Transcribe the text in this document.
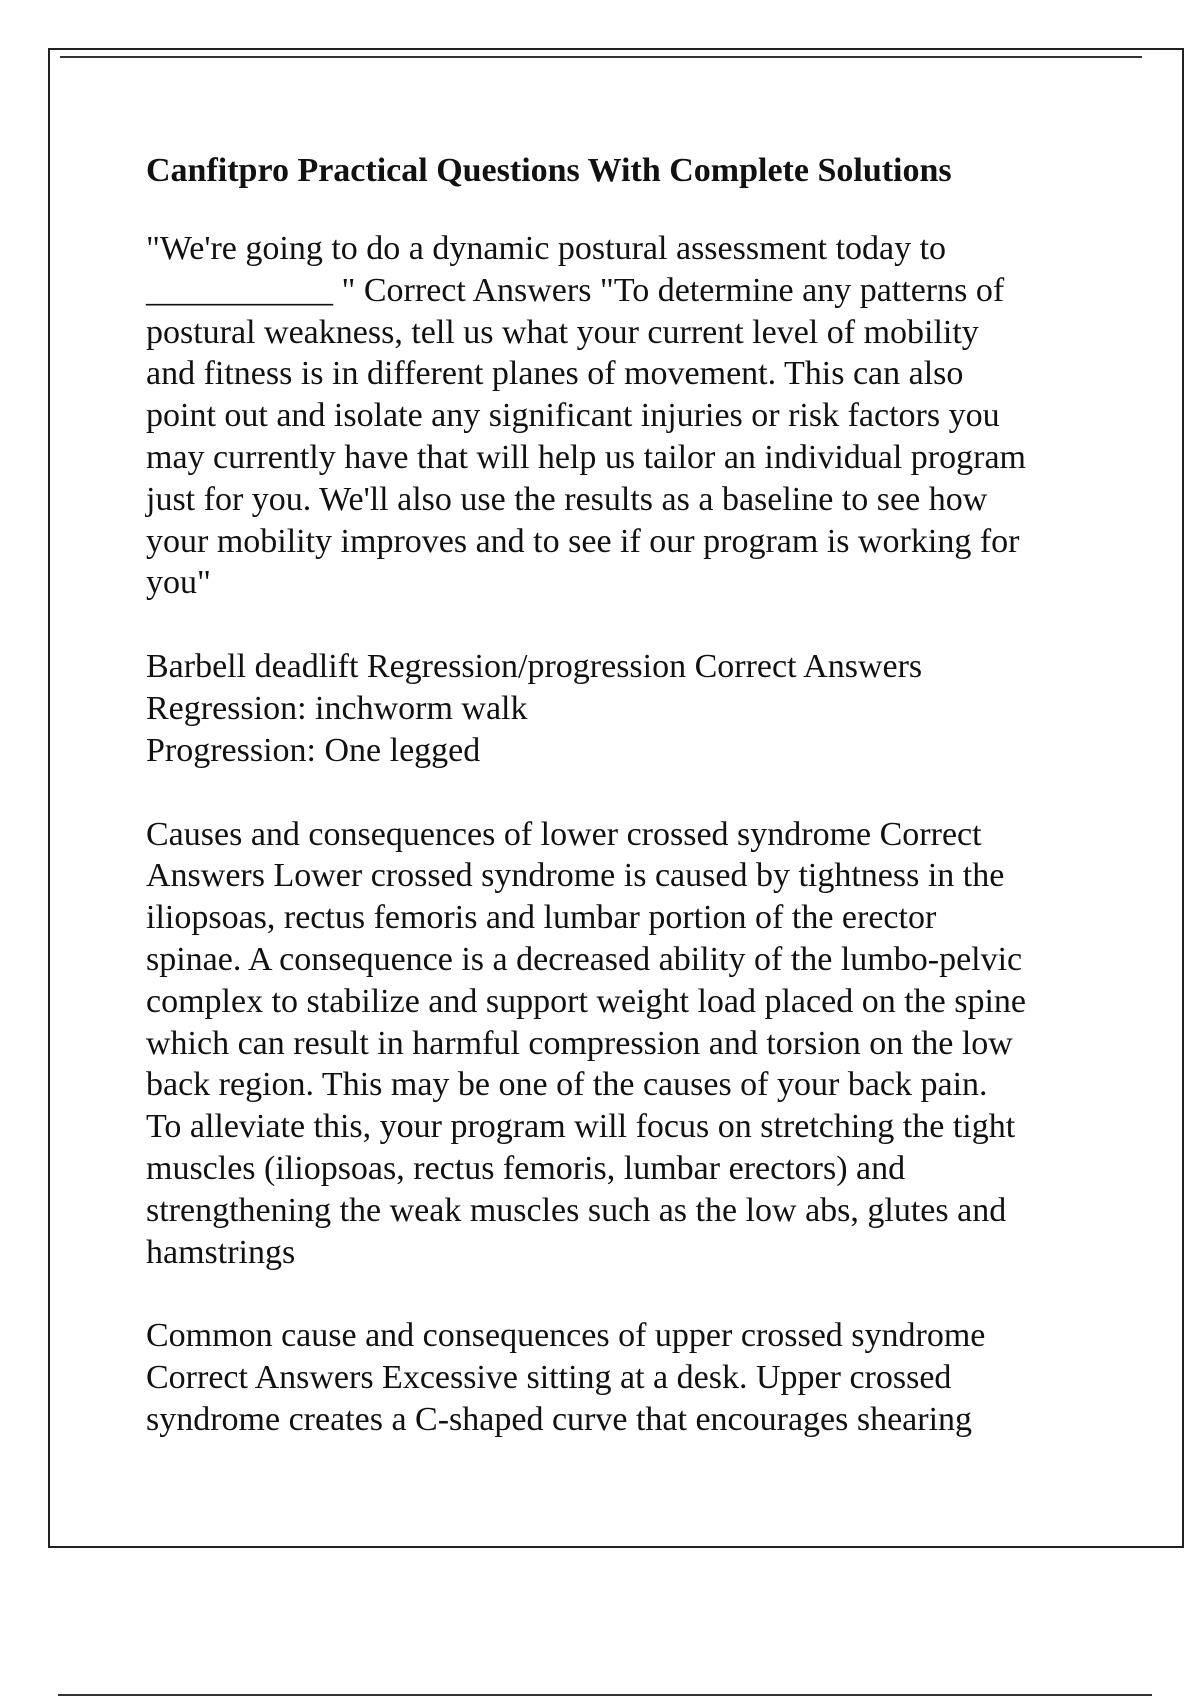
Canfitpro Practical Questions With Complete Solutions
"We're going to do a dynamic postural assessment today to
___________ " Correct Answers "To determine any patterns of
postural weakness, tell us what your current level of mobility
and fitness is in different planes of movement. This can also
point out and isolate any significant injuries or risk factors you
may currently have that will help us tailor an individual program
just for you. We'll also use the results as a baseline to see how
your mobility improves and to see if our program is working for
you"
Barbell deadlift Regression/progression Correct Answers
Regression: inchworm walk
Progression: One legged
Causes and consequences of lower crossed syndrome Correct
Answers Lower crossed syndrome is caused by tightness in the
iliopsoas, rectus femoris and lumbar portion of the erector
spinae. A consequence is a decreased ability of the lumbo-pelvic
complex to stabilize and support weight load placed on the spine
which can result in harmful compression and torsion on the low
back region. This may be one of the causes of your back pain.
To alleviate this, your program will focus on stretching the tight
muscles (iliopsoas, rectus femoris, lumbar erectors) and
strengthening the weak muscles such as the low abs, glutes and
hamstrings
Common cause and consequences of upper crossed syndrome
Correct Answers Excessive sitting at a desk. Upper crossed
syndrome creates a C-shaped curve that encourages shearing
